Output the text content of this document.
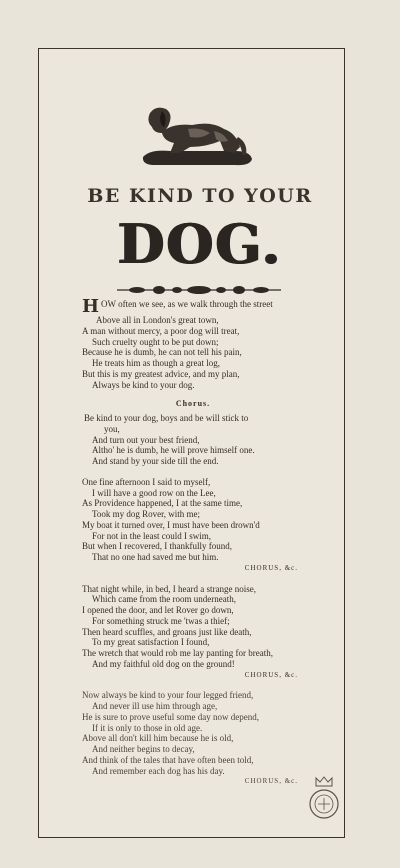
BE KIND TO YOUR
DOG.
HOW often we see, as we walk through the street
Above all in London's great town,
A man without mercy, a poor dog will treat,
Such cruelty ought to be put down;
Because he is dumb, he can not tell his pain,
He treats him as though a great log,
But this is my greatest advice, and my plan,
Always be kind to your dog.
Chorus.
Be kind to your dog, boys and be will stick to
you,
And turn out your best friend,
Altho' he is dumb, he will prove himself one.
And stand by your side till the end.
One fine afternoon I said to myself,
I will have a good row on the Lee,
As Providence happened, I at the same time,
Took my dog Rover, with me;
My boat it turned over, I must have been drown'd
For not in the least could I swim,
But when I recovered, I thankfully found,
That no one had saved me but him.
CHORUS, &c.
That night while, in bed, I heard a strange noise,
Which came from the room underneath,
I opened the door, and let Rover go down,
For something struck me 'twas a thief;
Then heard scuffles, and groans just like death,
To my great satisfaction I found,
The wretch that would rob me lay panting for breath,
And my faithful old dog on the ground!
CHORUS, &c.
Now always be kind to your four legged friend,
And never ill use him through age,
He is sure to prove useful some day now depend,
If it is only to those in old age.
Above all don't kill him because he is old,
And neither begins to decay,
And think of the tales that have often been told,
And remember each dog has his day.
CHORUS, &c.
